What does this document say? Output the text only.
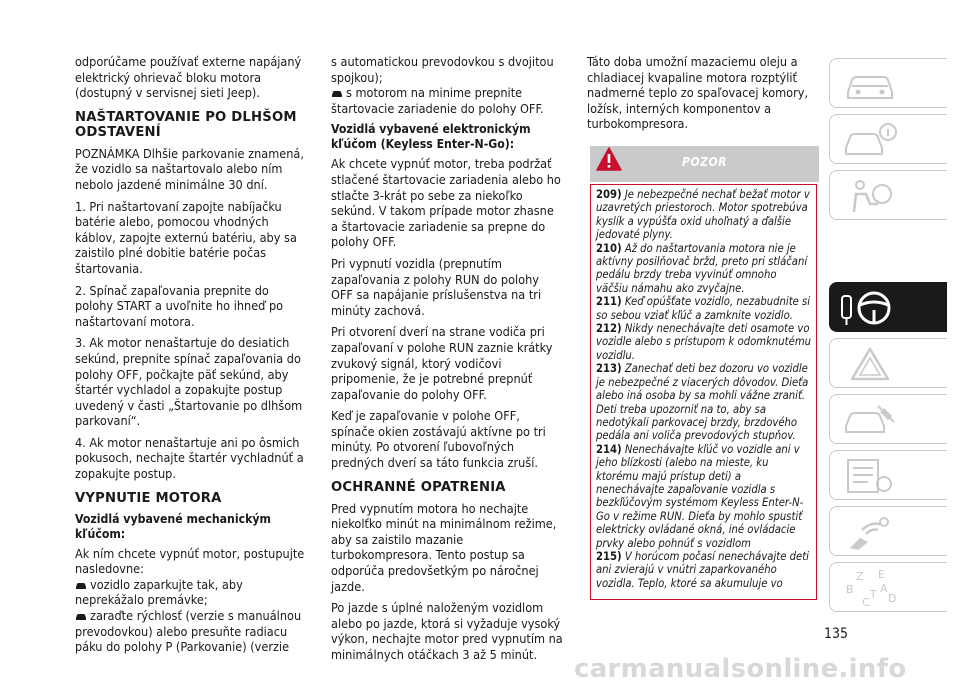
odporúčame používať externe napájaný elektrický ohrievač bloku motora (dostupný v servisnej sieti Jeep).

NAŠTARTOVANIE PO DLHŠOM ODSTAVENÍ

POZNÁMKA Dlhšie parkovanie znamená, že vozidlo sa naštartovalo alebo ním nebolo jazdené minimálne 30 dní.

1. Pri naštartovaní zapojte nabíjačku batérie alebo, pomocou vhodných káblov, zapojte externú batériu, aby sa zaistilo plné dobitie batérie počas štartovania.

2. Spínač zapaľovania prepnite do polohy START a uvoľnite ho ihneď po naštartovaní motora.

3. Ak motor nenaštartuje do desiatich sekúnd, prepnite spínač zapaľovania do polohy OFF, počkajte päť sekúnd, aby štartér vychladol a zopakujte postup uvedený v časti „Štartovanie po dlhšom parkovaní“.

4. Ak motor nenaštartuje ani po ôsmich pokusoch, nechajte štartér vychladnúť a zopakujte postup.

VYPNUTIE MOTORA
Vozidlá vybavené mechanickým kľúčom:

Ak ním chcete vypnúť motor, postupujte nasledovne:

vozidlo zaparkujte tak, aby neprekážalo premávke;

zaraďte rýchlosť (verzie s manuálnou prevodovkou) alebo presuňte radiacu páku do polohy P (Parkovanie) (verzie

s automatickou prevodovkou s dvojitou spojkou);

s motorom na minime prepnite štartovacie zariadenie do polohy OFF.

Vozidlá vybavené elektronickým kľúčom (Keyless Enter-N-Go):

Ak chcete vypnúť motor, treba podržať stlačené štartovacie zariadenia alebo ho stlačte 3-krát po sebe za niekoľko sekúnd. V takom prípade motor zhasne a štartovacie zariadenie sa prepne do polohy OFF.

Pri vypnutí vozidla (prepnutím zapaľovania z polohy RUN do polohy OFF sa napájanie príslušenstva na tri minúty zachová.

Pri otvorení dverí na strane vodiča pri zapaľovaní v polohe RUN zaznie krátky zvukový signál, ktorý vodičovi pripomenie, že je potrebné prepnúť zapaľovanie do polohy OFF.

Keď je zapaľovanie v polohe OFF, spínače okien zostávajú aktívne po tri minúty. Po otvorení ľubovoľných predných dverí sa táto funkcia zruší.

OCHRANNÉ OPATRENIA

Pred vypnutím motora ho nechajte niekolťko minút na minimálnom režime, aby sa zaistilo mazanie turbokompresora. Tento postup sa odporúča predovšetkým po náročnej jazde.

Po jazde s úplné naloženým vozidlom alebo po jazde, ktorá si vyžaduje vysoký výkon, nechajte motor pred vypnutím na minimálnych otáčkach 3 až 5 minút.

Táto doba umožní mazaciemu oleju a chladiacej kvapaline motora rozptýliť nadmerné teplo zo spaľovacej komory, ložísk, interných komponentov a turbokompresora.

POZOR
209) Je nebezpečné nechať bežať motor v uzavretých priestoroch. Motor spotrebúva kyslík a vypúšťa oxid uhoľnatý a ďalšie jedovaté plyny.
210) Až do naštartovania motora nie je aktívny posilňovač bržd, preto pri stláčaní pedálu brzdy treba vyvinúť omnoho väčšiu námahu ako zvyčajne.
211) Keď opúšťate vozidlo, nezabudnite si so sebou vziať kľúč a zamknite vozidlo.
212) Nikdy nenechávajte deti osamote vo vozidle alebo s prístupom k odomknutému vozidlu.
213) Zanechať deti bez dozoru vo vozidle je nebezpečné z viacerých dôvodov. Dieťa alebo iná osoba by sa mohli vážne zraniť. Deti treba upozorniť na to, aby sa nedotýkali parkovacej brzdy, brzdového pedála ani voliča prevodových stupňov.
214) Nenechávajte kľúč vo vozidle ani v jeho blízkosti (alebo na mieste, ku ktorému majú prístup deti) a nenechávajte zapaľovanie vozidla s bezkľúčovým systémom Keyless Enter-N-Go v režime RUN. Dieťa by mohlo spustiť elektricky ovládané okná, iné ovládacie prvky alebo pohnúť s vozidlom
215) V horúcom počasí nenechávajte deti ani zvierajú v vnútri zaparkovaného vozidla. Teplo, ktoré sa akumuluje vo
Z E
B
C
T A
D
135
carmanualsonline.info
